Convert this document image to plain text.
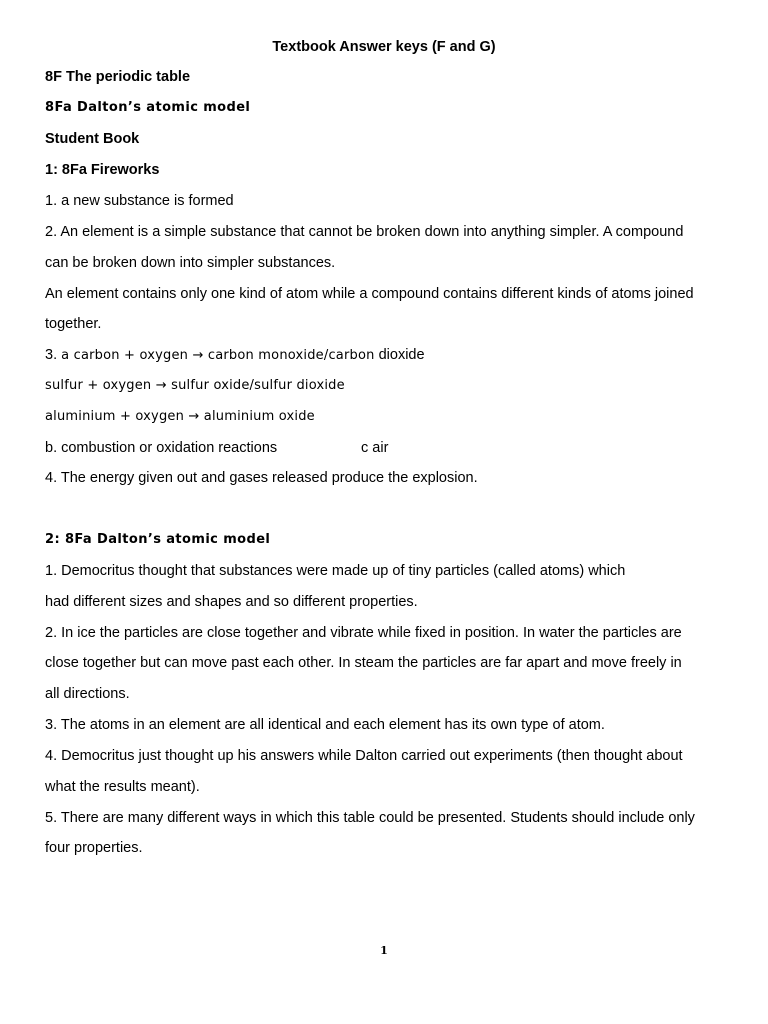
Textbook Answer keys (F and G)
8F The periodic table
8Fa Dalton’s atomic model
Student Book
1: 8Fa Fireworks
1. a new substance is formed
2. An element is a simple substance that cannot be broken down into anything simpler. A compound
can be broken down into simpler substances.
An element contains only one kind of atom while a compound contains different kinds of atoms joined
together.
3. a carbon + oxygen → carbon monoxide/carbon dioxide
sulfur + oxygen → sulfur oxide/sulfur dioxide
aluminium + oxygen → aluminium oxide
b. combustion or oxidation reactions	c air
4. The energy given out and gases released produce the explosion.
2: 8Fa Dalton’s atomic model
1. Democritus thought that substances were made up of tiny particles (called atoms) which
had different sizes and shapes and so different properties.
2. In ice the particles are close together and vibrate while fixed in position. In water the particles are
close together but can move past each other. In steam the particles are far apart and move freely in
all directions.
3. The atoms in an element are all identical and each element has its own type of atom.
4. Democritus just thought up his answers while Dalton carried out experiments (then thought about
what the results meant).
5. There are many different ways in which this table could be presented. Students should include only
four properties.
1
